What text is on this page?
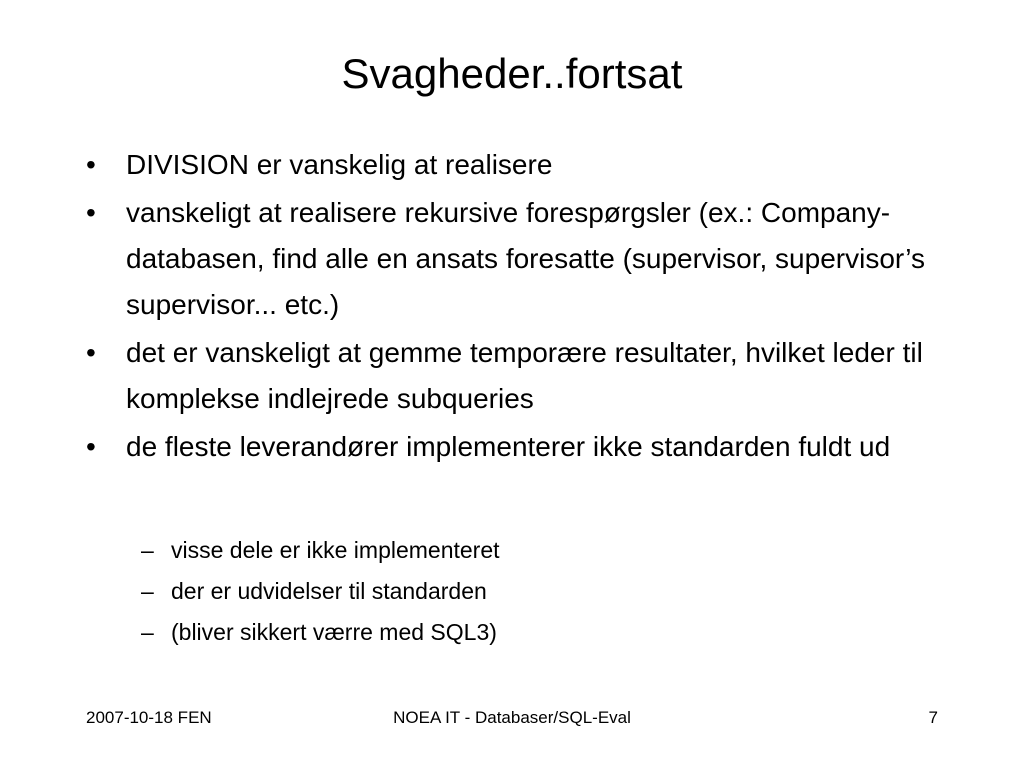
Svagheder..fortsat
•	DIVISION er vanskelig at realisere
•	vanskeligt at realisere rekursive forespørgsler (ex.: Company-databasen, find alle en ansats foresatte (supervisor, supervisor’s supervisor... etc.)
•	det er vanskeligt at gemme temporære resultater, hvilket leder til komplekse indlejrede subqueries
•	de fleste leverandører implementerer ikke standarden fuldt ud
– visse dele er ikke implementeret
– der er udvidelser til standarden
– (bliver sikkert værre med SQL3)
2007-10-18 FEN	NOEA IT - Databaser/SQL-Eval	7
